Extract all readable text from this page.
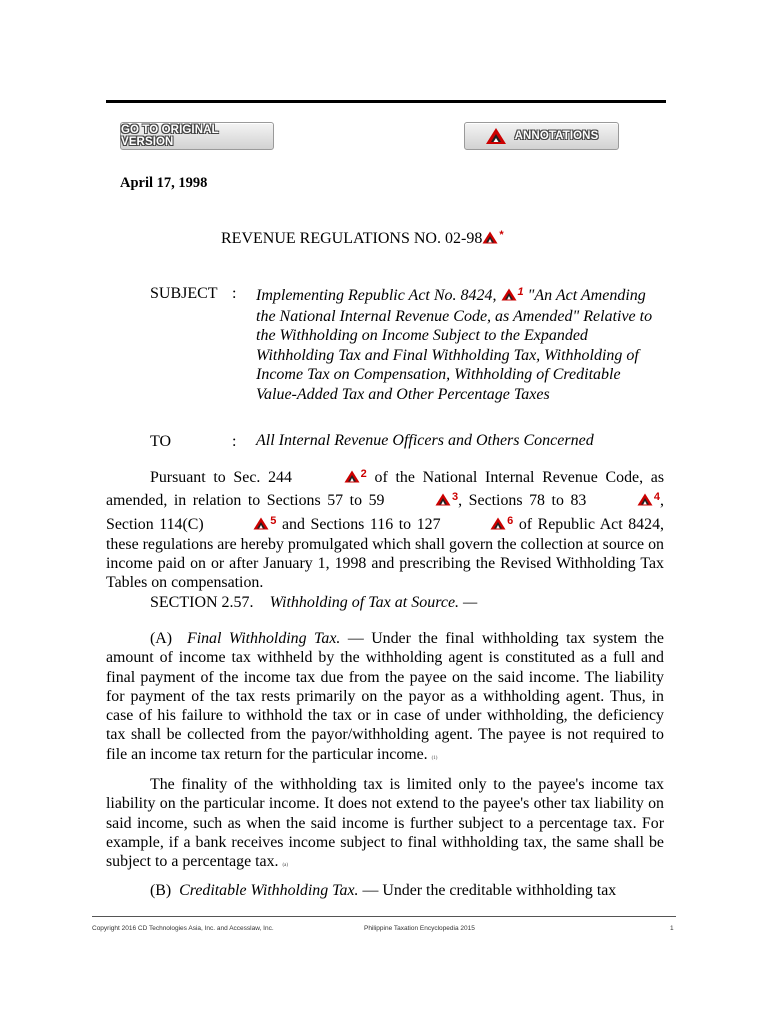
GO TO ORIGINAL VERSION	ANNOTATIONS
April 17, 1998
REVENUE REGULATIONS NO. 02-98 *
SUBJECT : Implementing Republic Act No. 8424, $^1$ "An Act Amending the National Internal Revenue Code, as Amended" Relative to the Withholding on Income Subject to the Expanded Withholding Tax and Final Withholding Tax, Withholding of Income Tax on Compensation, Withholding of Creditable Value-Added Tax and Other Percentage Taxes
TO	: All Internal Revenue Officers and Others Concerned

Pursuant to Sec. 244	$^2$ of the National Internal Revenue Code, as amended, in relation to Sections 57 to 59	$^3$, Sections 78 to 83	$^4$, Section 114(C)	$^5$ and Sections 116 to 127	$^6$ of Republic Act 8424, these regulations are hereby promulgated which shall govern the collection at source on income paid on or after January 1, 1998 and prescribing the Revised Withholding Tax Tables on compensation.

SECTION 2.57. Withholding of Tax at Source. —

(A) Final Withholding Tax. — Under the final withholding tax system the amount of income tax withheld by the withholding agent is constituted as a full and final payment of the income tax due from the payee on the said income. The liability for payment of the tax rests primarily on the payor as a withholding agent. Thus, in case of his failure to withhold the tax or in case of under withholding, the deficiency tax shall be collected from the payor/withholding agent. The payee is not required to file an income tax return for the particular income. (1)

The finality of the withholding tax is limited only to the payee's income tax liability on the particular income. It does not extend to the payee's other tax liability on said income, such as when the said income is further subject to a percentage tax. For example, if a bank receives income subject to final withholding tax, the same shall be subject to a percentage tax. (a)

(B) Creditable Withholding Tax. — Under the creditable withholding tax

Copyright 2016 CD Technologies Asia, Inc. and Accesslaw, Inc.	Philippine Taxation Encyclopedia 2015	1
